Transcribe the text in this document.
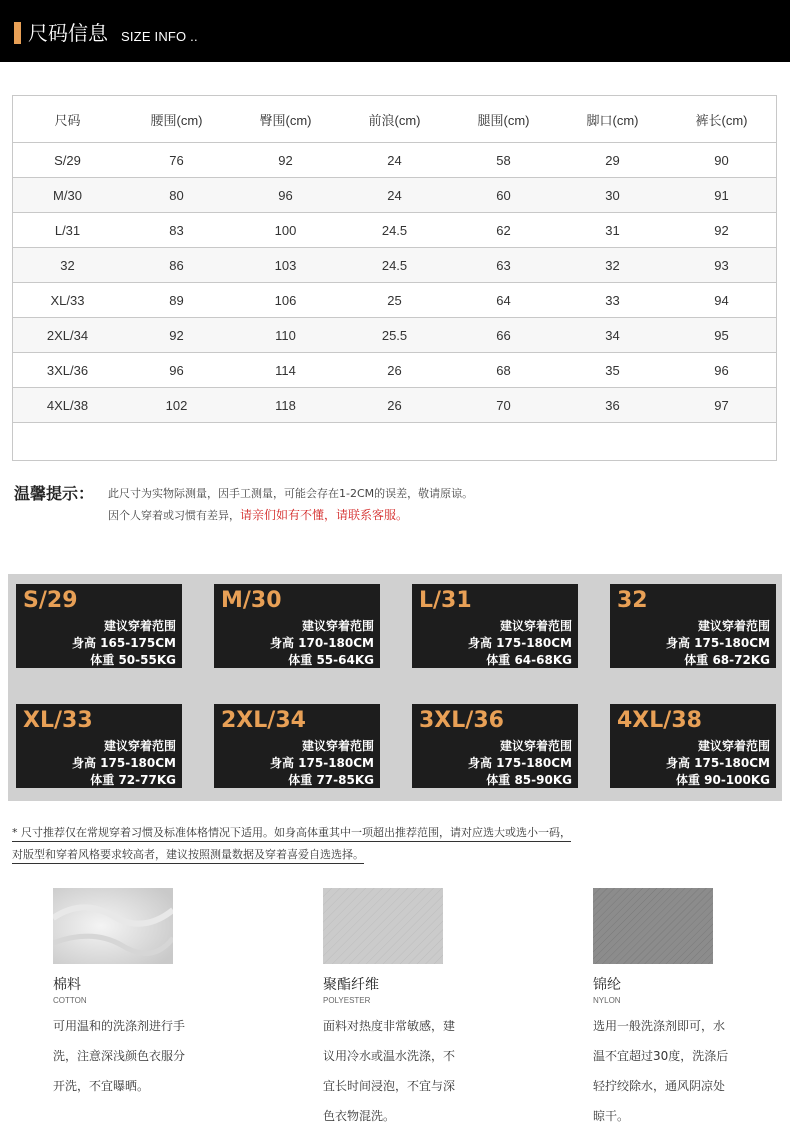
尺码信息 SIZE INFO ..
尺码	腰围(cm)	臀围(cm)	前浪(cm)	腿围(cm)	脚口(cm)	裤长(cm)
S/29	76	92	24	58	29	90
M/30	80	96	24	60	30	91
L/31	83	100	24.5	62	31	92
32	86	103	24.5	63	32	93
XL/33	89	106	25	64	33	94
2XL/34	92	110	25.5	66	34	95
3XL/36	96	114	26	68	35	96
4XL/38	102	118	26	70	36	97

温馨提示： 此尺寸为实物际测量，因手工测量，可能会存在1-2CM的误差，敬请原谅。
因个人穿着或习惯有差异，请亲们如有不懂，请联系客服。
S/29
建议穿着范围
身高 165-175CM
体重 50-55KG
M/30
建议穿着范围
身高 170-180CM
体重 55-64KG
L/31
建议穿着范围
身高 175-180CM
体重 64-68KG
32
建议穿着范围
身高 175-180CM
体重 68-72KG
XL/33
建议穿着范围
身高 175-180CM
体重 72-77KG
2XL/34
建议穿着范围
身高 175-180CM
体重 77-85KG
3XL/36
建议穿着范围
身高 175-180CM
体重 85-90KG
4XL/38
建议穿着范围
身高 175-180CM
体重 90-100KG
* 尺寸推荐仅在常规穿着习惯及标准体格情况下适用。如身高体重其中一项超出推荐范围，请对应选大或选小一码，
对版型和穿着风格要求较高者，建议按照测量数据及穿着喜爱自选选择。
棉料
COTTON
可用温和的洗涤剂进行手
洗，注意深浅颜色衣服分
开洗，不宜曝晒。
聚酯纤维
POLYESTER
面料对热度非常敏感，建
议用冷水或温水洗涤，不
宜长时间浸泡，不宜与深
色衣物混洗。
锦纶
NYLON
选用一般洗涤剂即可，水
温不宜超过30度，洗涤后
轻拧绞除水，通风阴凉处
晾干。
